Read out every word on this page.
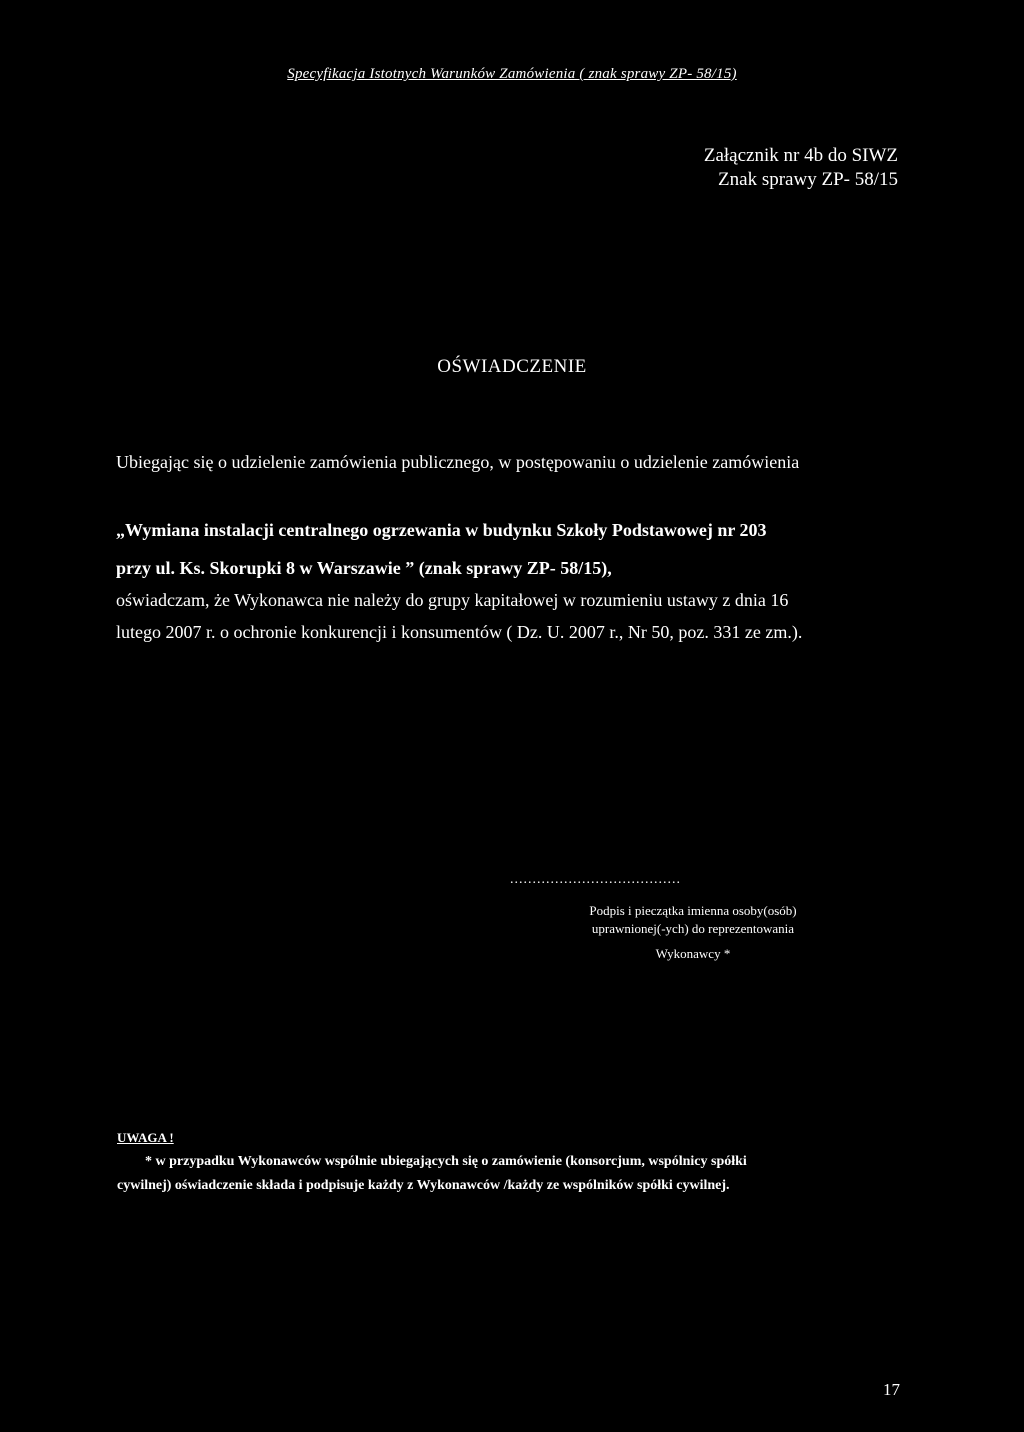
Specyfikacja Istotnych Warunków Zamówienia ( znak sprawy ZP- 58/15)
Załącznik nr 4b do SIWZ
Znak sprawy ZP- 58/15
OŚWIADCZENIE
Ubiegając się o udzielenie zamówienia publicznego, w postępowaniu o udzielenie zamówienia
„Wymiana instalacji centralnego ogrzewania w budynku Szkoły Podstawowej nr 203
przy ul. Ks. Skorupki 8 w Warszawie ” (znak sprawy ZP- 58/15),
oświadczam, że Wykonawca nie należy do grupy kapitałowej w rozumieniu ustawy z dnia 16
lutego 2007 r. o ochronie konkurencji i konsumentów ( Dz. U. 2007 r., Nr 50, poz. 331 ze zm.).
......................................
Podpis i pieczątka imienna osoby(osób)
uprawnionej(-ych) do reprezentowania
Wykonawcy *
UWAGA !
* w przypadku Wykonawców wspólnie ubiegających się o zamówienie (konsorcjum, wspólnicy spółki
cywilnej) oświadczenie składa i podpisuje każdy z Wykonawców /każdy ze wspólników spółki cywilnej.
17
